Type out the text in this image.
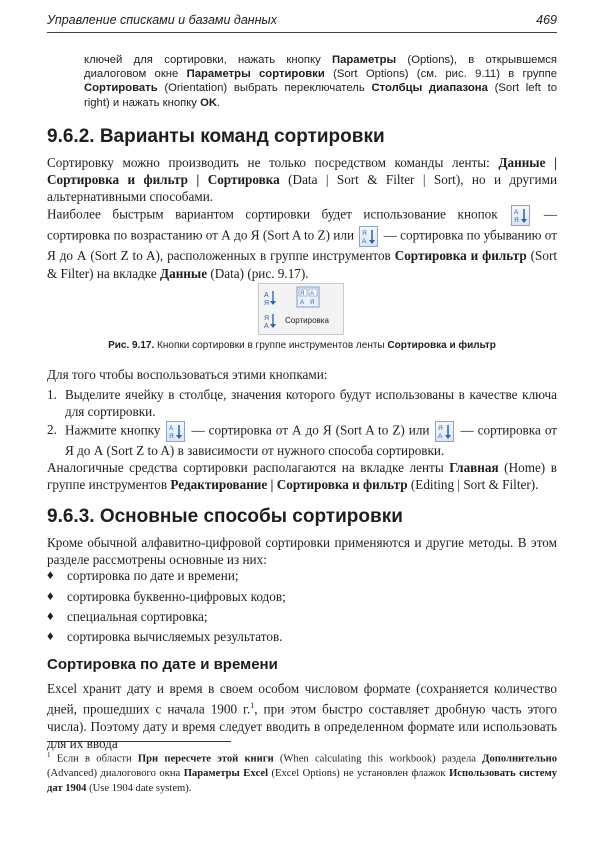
Управление списками и базами данных	469
ключей для сортировки, нажать кнопку Параметры (Options), в открывшемся диалоговом окне Параметры сортировки (Sort Options) (см. рис. 9.11) в группе Сортировать (Orientation) выбрать переключатель Столбцы диапазона (Sort left to right) и нажать кнопку OK.
9.6.2. Варианты команд сортировки
Сортировку можно производить не только посредством команды ленты: Данные | Сортировка и фильтр | Сортировка (Data | Sort & Filter | Sort), но и другими альтернативными способами.
Наиболее быстрым вариантом сортировки будет использование кнопок А
Я — сортировка по возрастанию от А до Я (Sort A to Z) или Я
А — сортировка по убыванию от Я до А (Sort Z to A), расположенных в группе инструментов Сортировка и фильтр (Sort & Filter) на вкладке Данные (Data) (рис. 9.17).
А
Я
Я
А
Я А
А Я
Сортировка
Рис. 9.17. Кнопки сортировки в группе инструментов ленты Сортировка и фильтр
Для того чтобы воспользоваться этими кнопками:
1. Выделите ячейку в столбце, значения которого будут использованы в качестве ключа для сортировки.
2. Нажмите кнопку А
Я — сортировка от А до Я (Sort A to Z) или Я
А — сортировка от Я до А (Sort Z to A) в зависимости от нужного способа сортировки.
Аналогичные средства сортировки располагаются на вкладке ленты Главная (Home) в группе инструментов Редактирование | Сортировка и фильтр (Editing | Sort & Filter).
9.6.3. Основные способы сортировки
Кроме обычной алфавитно-цифровой сортировки применяются и другие методы. В этом разделе рассмотрены основные из них:
♦ сортировка по дате и времени;
♦ сортировка буквенно-цифровых кодов;
♦ специальная сортировка;
♦ сортировка вычисляемых результатов.
Сортировка по дате и времени
Excel хранит дату и время в своем особом числовом формате (сохраняется количество дней, прошедших с начала 1900 г.$^1$, при этом быстро составляет дробную часть этого числа). Поэтому дату и время следует вводить в определенном формате или использовать для их ввода
$^1$ Если в области При пересчете этой книги (When calculating this workbook) раздела Дополнительно (Advanced) диалогового окна Параметры Excel (Excel Options) не установлен флажок Использовать систему дат 1904 (Use 1904 date system).
